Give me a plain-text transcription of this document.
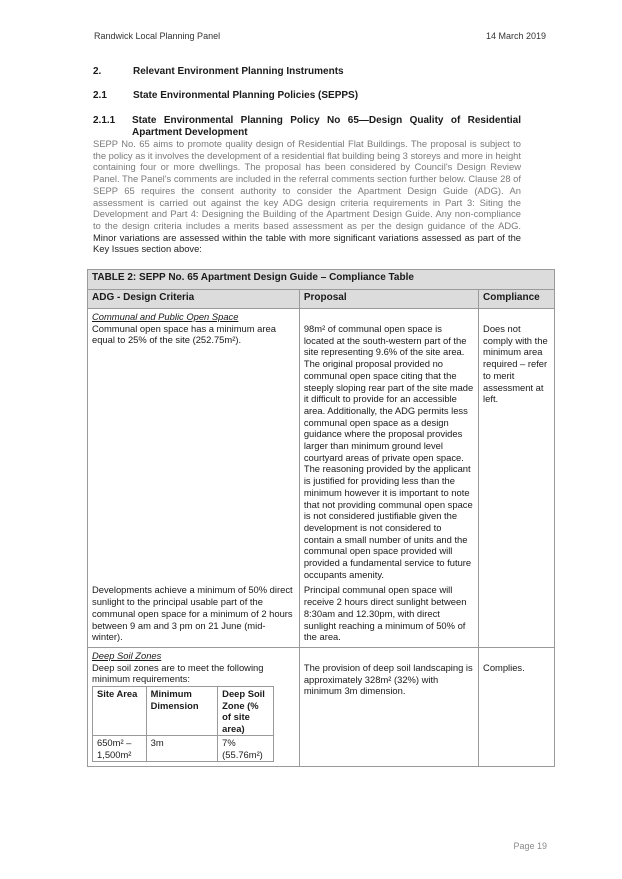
Randwick Local Planning Panel	14 March 2019
2.	Relevant Environment Planning Instruments
2.1	State Environmental Planning Policies (SEPPS)
2.1.1 State Environmental Planning Policy No 65—Design Quality of Residential Apartment Development
SEPP No. 65 aims to promote quality design of Residential Flat Buildings. The proposal is subject to the policy as it involves the development of a residential flat building being 3 storeys and more in height containing four or more dwellings. The proposal has been considered by Council's Design Review Panel. The Panel's comments are included in the referral comments section further below. Clause 28 of SEPP 65 requires the consent authority to consider the Apartment Design Guide (ADG). An assessment is carried out against the key ADG design criteria requirements in Part 3: Siting the Development and Part 4: Designing the Building of the Apartment Design Guide. Any non-compliance to the design criteria includes a merits based assessment as per the design guidance of the ADG. Minor variations are assessed within the table with more significant variations assessed as part of the Key Issues section above:
TABLE 2: SEPP No. 65 Apartment Design Guide – Compliance Table
ADG - Design Criteria	Proposal	Compliance

Communal and Public Open Space
Communal open space has a minimum area equal to 25% of the site (252.75m²).
	98m² of communal open space is located at the south-western part of the site representing 9.6% of the site area. The original proposal provided no communal open space citing that the steeply sloping rear part of the site made it difficult to provide for an accessible area. Additionally, the ADG permits less communal open space as a design guidance where the proposal provides larger than minimum ground level courtyard areas of private open space. The reasoning provided by the applicant is justified for providing less than the minimum however it is important to note that not providing communal open space is not considered justifiable given the development is not considered to contain a small number of units and the communal open space provided will provided a fundamental service to future occupants amenity.	Does not comply with the minimum area required – refer to merit assessment at left.
Developments achieve a minimum of 50% direct sunlight to the principal usable part of the communal open space for a minimum of 2 hours between 9 am and 3 pm on 21 June (mid-winter).	Principal communal open space will receive 2 hours direct sunlight between 8:30am and 12.30pm, with direct sunlight reaching a minimum of 50% of the area.	

Deep Soil Zones
Deep soil zones are to meet the following minimum requirements:
Site Area	Minimum Dimension	Deep Soil Zone (% of site area)
650m² – 1,500m²	3m	7% (55.76m²)
	The provision of deep soil landscaping is approximately 328m² (32%) with minimum 3m dimension.	Complies.
Page 19
